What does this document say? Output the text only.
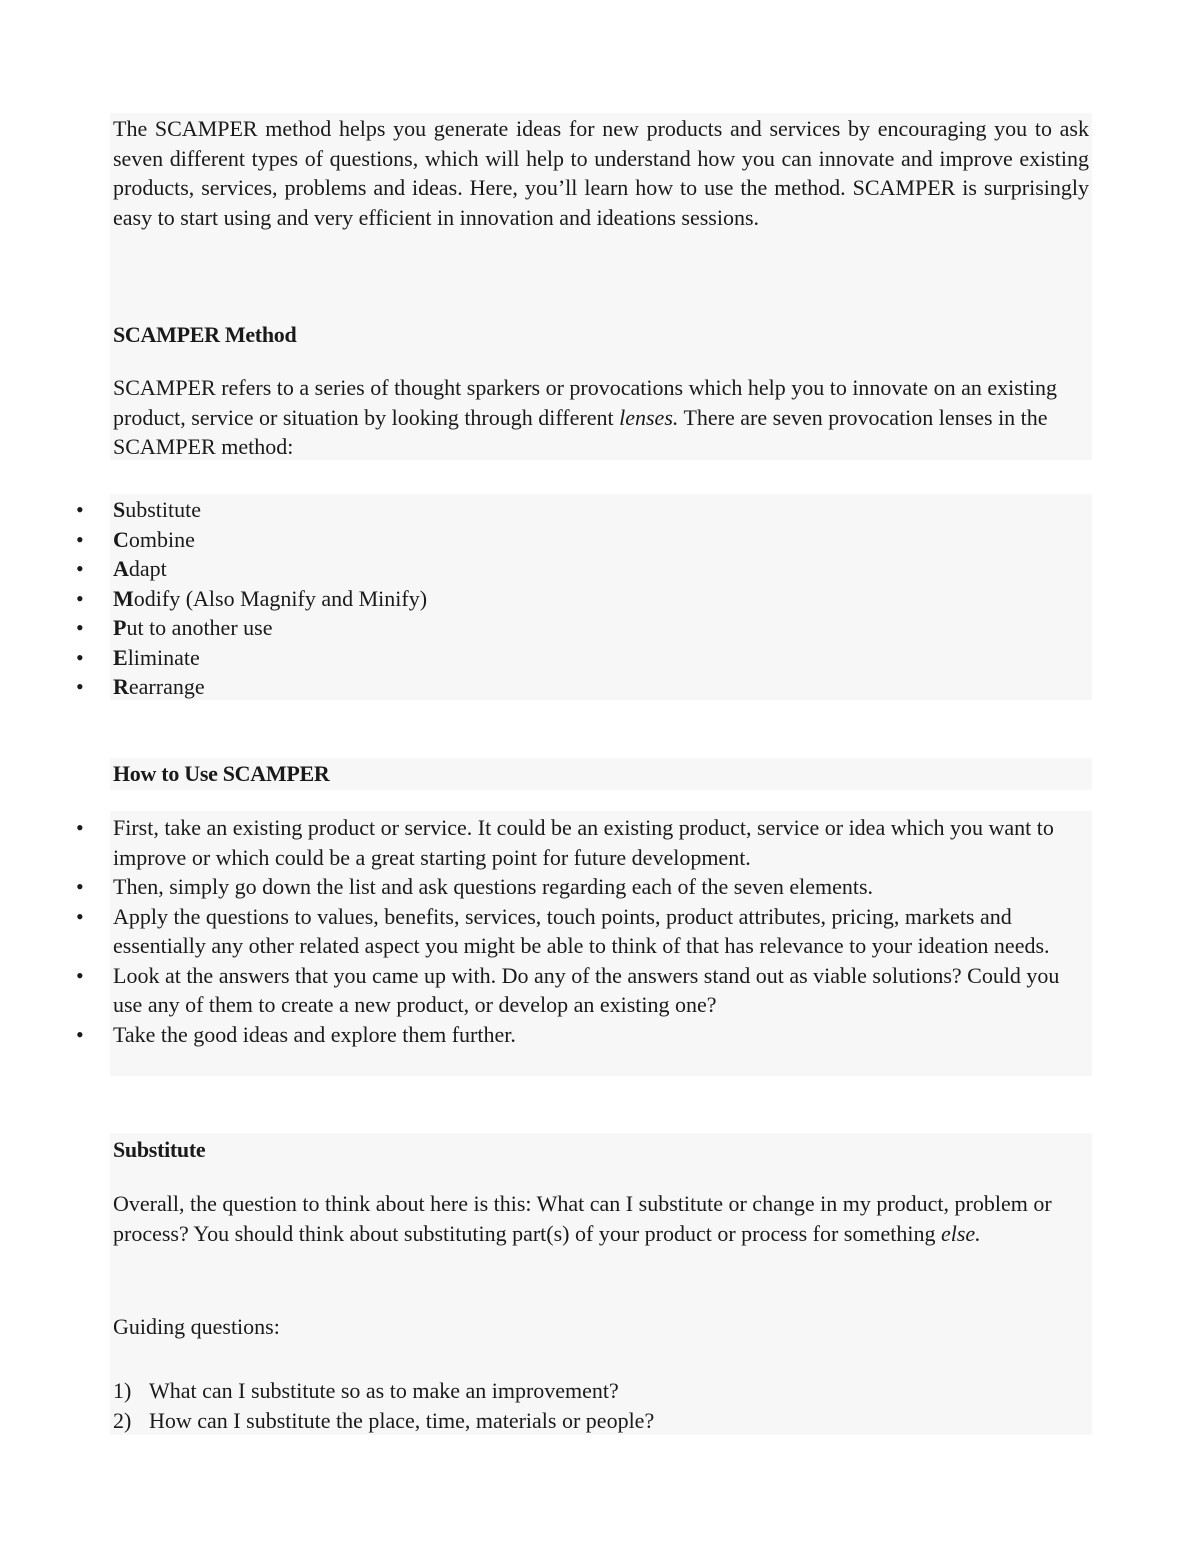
The SCAMPER method helps you generate ideas for new products and services by encouraging you to ask seven different types of questions, which will help to understand how you can innovate and improve existing products, services, problems and ideas. Here, you’ll learn how to use the method. SCAMPER is surprisingly easy to start using and very efficient in innovation and ideations sessions.

SCAMPER Method

SCAMPER refers to a series of thought sparkers or provocations which help you to innovate on an existing product, service or situation by looking through different lenses. There are seven provocation lenses in the SCAMPER method:

• Substitute
• Combine
• Adapt
• Modify (Also Magnify and Minify)
• Put to another use
• Eliminate
• Rearrange

How to Use SCAMPER

• First, take an existing product or service. It could be an existing product, service or idea which you want to improve or which could be a great starting point for future development.
• Then, simply go down the list and ask questions regarding each of the seven elements.
• Apply the questions to values, benefits, services, touch points, product attributes, pricing, markets and essentially any other related aspect you might be able to think of that has relevance to your ideation needs.
• Look at the answers that you came up with. Do any of the answers stand out as viable solutions? Could you use any of them to create a new product, or develop an existing one?
• Take the good ideas and explore them further.

Substitute

Overall, the question to think about here is this: What can I substitute or change in my product, problem or process? You should think about substituting part(s) of your product or process for something else.

Guiding questions:

1) What can I substitute so as to make an improvement?
2) How can I substitute the place, time, materials or people?
